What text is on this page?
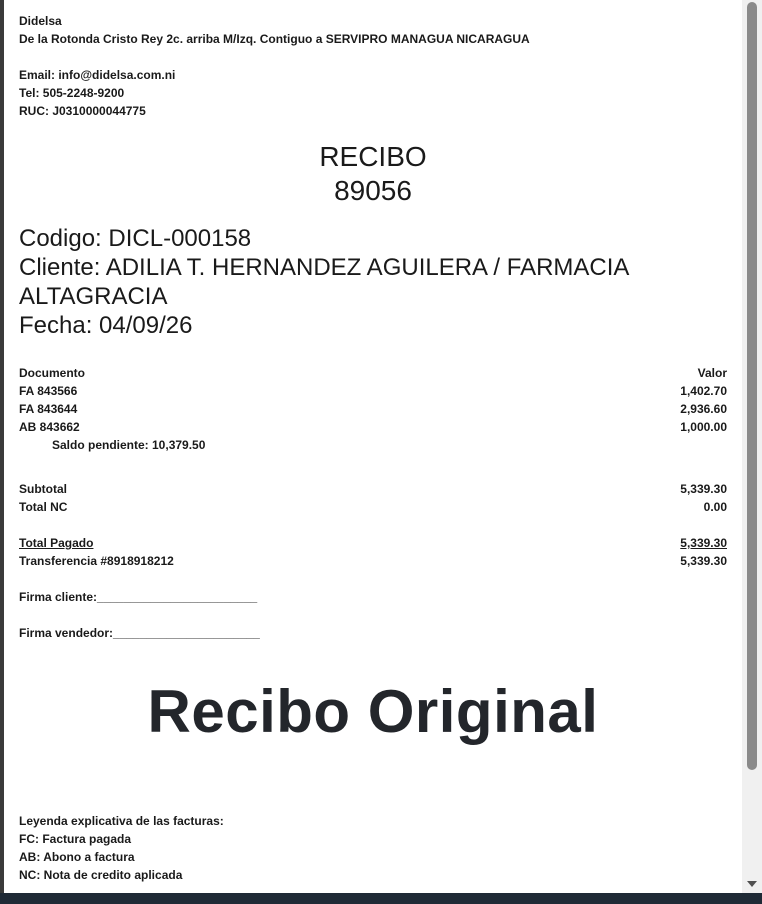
Didelsa
De la Rotonda Cristo Rey 2c. arriba M/Izq. Contiguo a SERVIPRO MANAGUA NICARAGUA
Email: info@didelsa.com.ni
Tel: 505-2248-9200
RUC: J0310000044775
RECIBO
89056
Codigo: DICL-000158
Cliente: ADILIA T. HERNANDEZ AGUILERA / FARMACIA ALTAGRACIA
Fecha: 04/09/26
Documento	Valor
FA 843566	1,402.70
FA 843644	2,936.60
AB 843662	1,000.00
Saldo pendiente: 10,379.50
Subtotal	5,339.30
Total NC	0.00
Total Pagado	5,339.30
Transferencia #8918918212	5,339.30
Firma cliente:________________________
Firma vendedor:______________________
Recibo Original
Leyenda explicativa de las facturas:
FC: Factura pagada
AB: Abono a factura
NC: Nota de credito aplicada
